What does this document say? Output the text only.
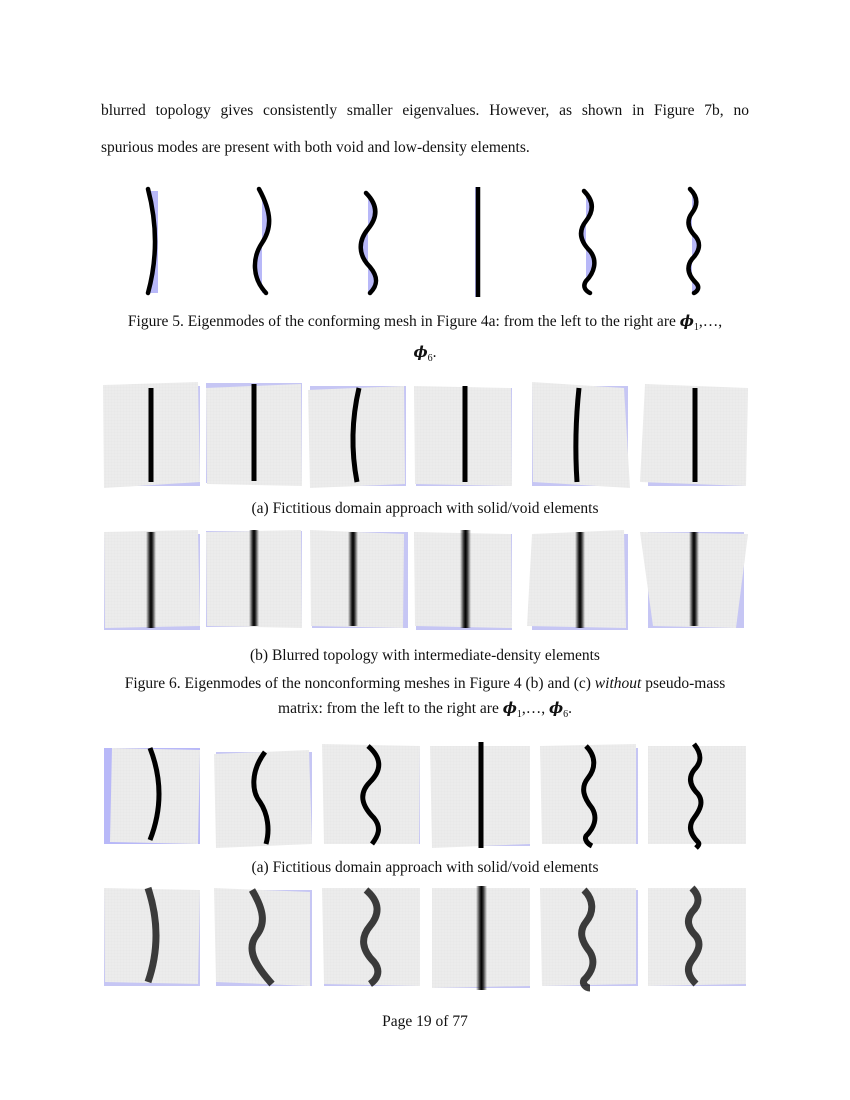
blurred topology gives consistently smaller eigenvalues. However, as shown in Figure 7b, no
spurious modes are present with both void and low-density elements.
Figure 5. Eigenmodes of the conforming mesh in Figure 4a: from the left to the right are $\phi_1,\dots$,
$\phi_6$.
(a) Fictitious domain approach with solid/void elements
(b) Blurred topology with intermediate-density elements
Figure 6. Eigenmodes of the nonconforming meshes in Figure 4 (b) and (c) without pseudo-mass
matrix: from the left to the right are $\phi_1,\dots$, $\phi_6$.
(a) Fictitious domain approach with solid/void elements
Page 19 of 77
